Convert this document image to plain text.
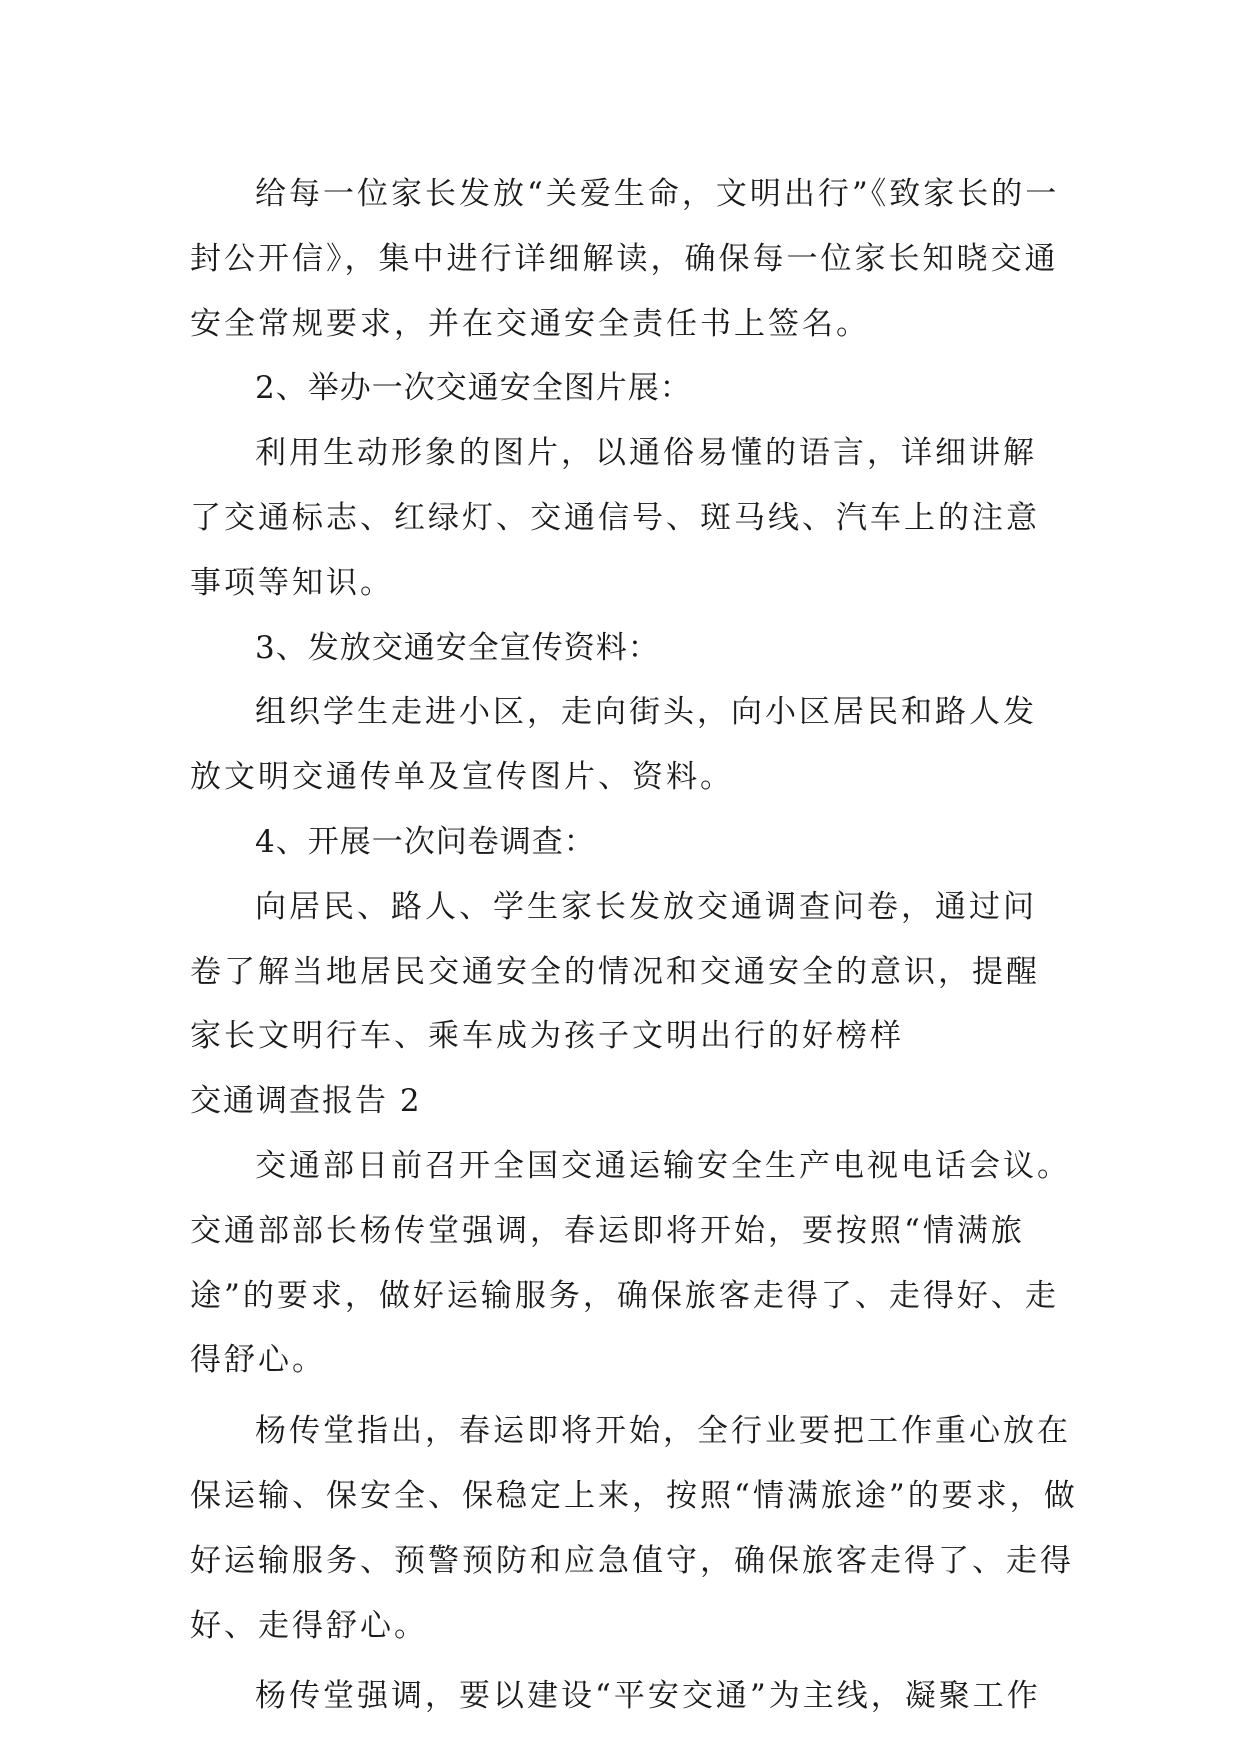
给每一位家长发放“关爱生命，文明出行”《致家长的一封公开信》，集中进行详细解读，确保每一位家长知晓交通安全常规要求，并在交通安全责任书上签名。

2、举办一次交通安全图片展：

利用生动形象的图片，以通俗易懂的语言，详细讲解了交通标志、红绿灯、交通信号、斑马线、汽车上的注意事项等知识。

3、发放交通安全宣传资料：

组织学生走进小区，走向街头，向小区居民和路人发放文明交通传单及宣传图片、资料。

4、开展一次问卷调查：

向居民、路人、学生家长发放交通调查问卷，通过问卷了解当地居民交通安全的情况和交通安全的意识，提醒家长文明行车、乘车成为孩子文明出行的好榜样

交通调查报告 2

交通部日前召开全国交通运输安全生产电视电话会议。交通部部长杨传堂强调，春运即将开始，要按照“情满旅途”的要求，做好运输服务，确保旅客走得了、走得好、走得舒心。

杨传堂指出，春运即将开始，全行业要把工作重心放在保运输、保安全、保稳定上来，按照“情满旅途”的要求，做好运输服务、预警预防和应急值守，确保旅客走得了、走得好、走得舒心。

杨传堂强调，要以建设“平安交通”为主线，凝聚工作
